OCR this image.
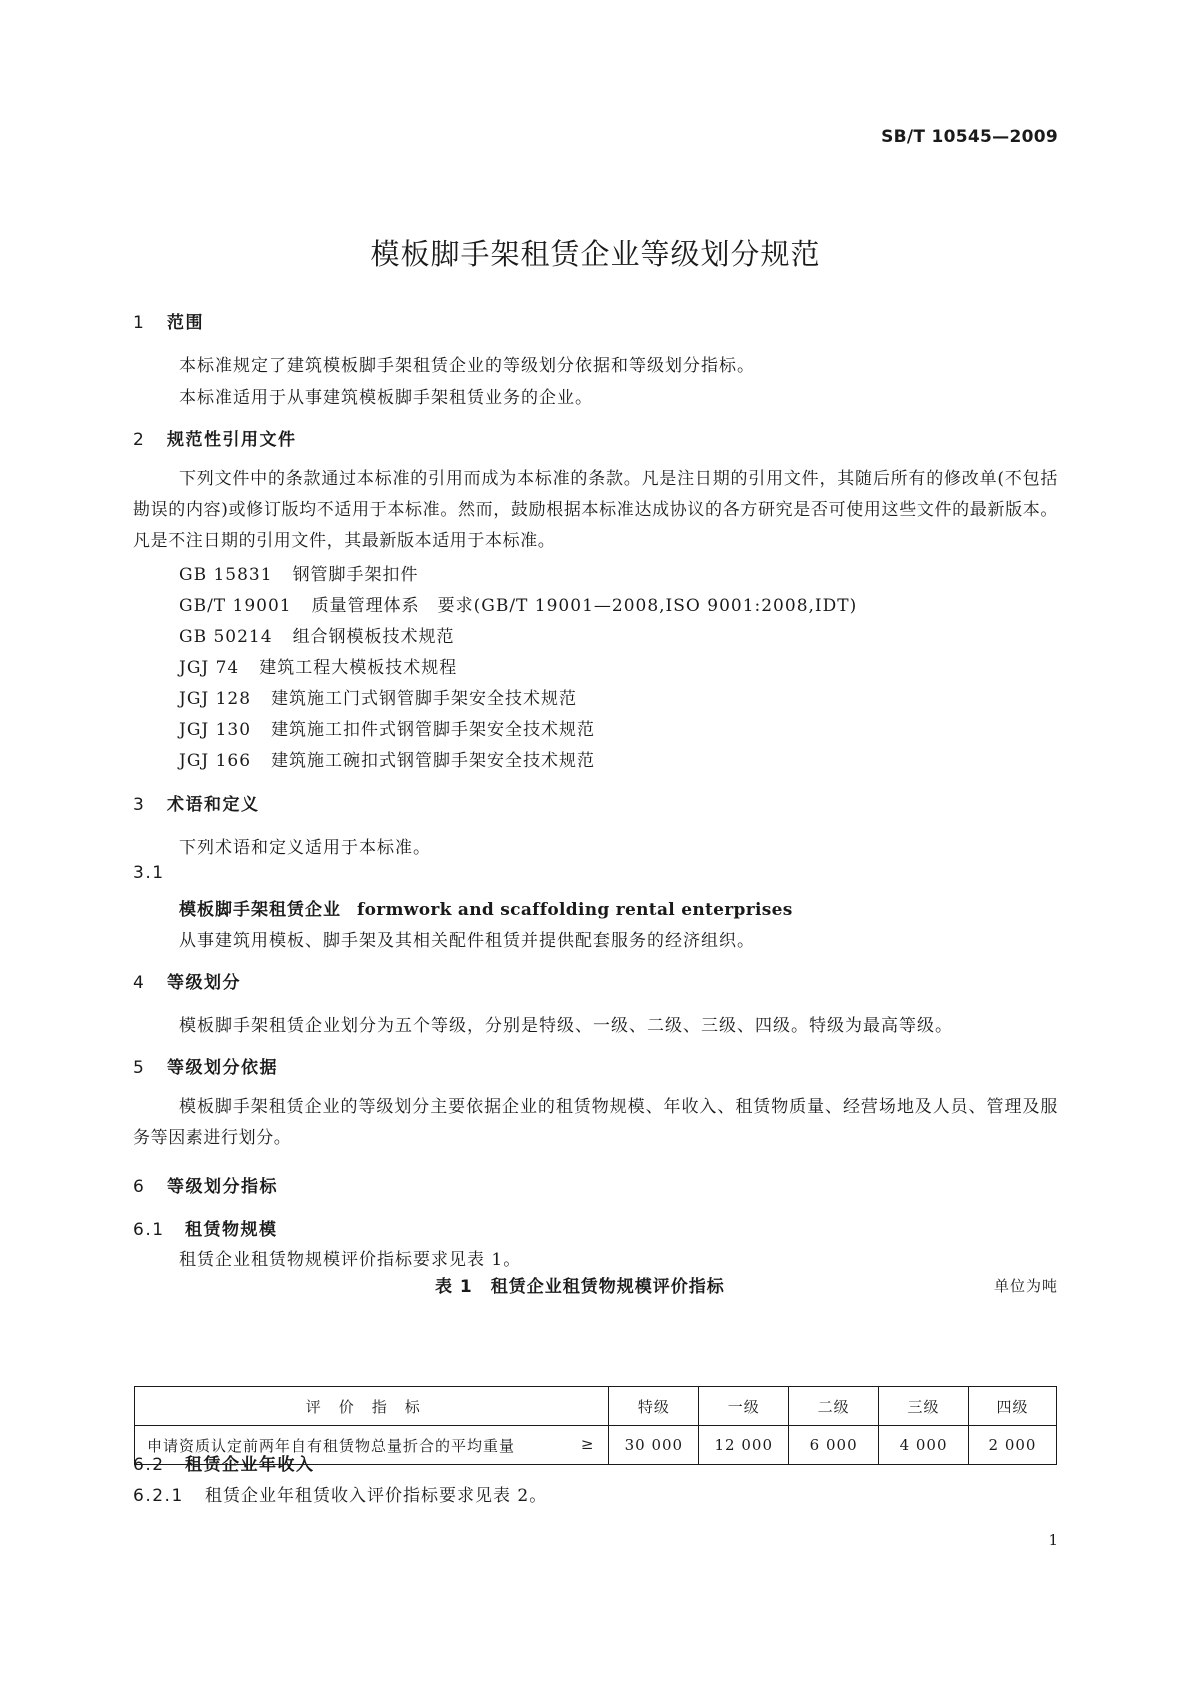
SB/T 10545—2009
模板脚手架租赁企业等级划分规范
1 范围
本标准规定了建筑模板脚手架租赁企业的等级划分依据和等级划分指标。
本标准适用于从事建筑模板脚手架租赁业务的企业。
2 规范性引用文件
下列文件中的条款通过本标准的引用而成为本标准的条款。凡是注日期的引用文件，其随后所有的修改单(不包括勘误的内容)或修订版均不适用于本标准。然而，鼓励根据本标准达成协议的各方研究是否可使用这些文件的最新版本。凡是不注日期的引用文件，其最新版本适用于本标准。
GB 15831 钢管脚手架扣件
GB/T 19001 质量管理体系　要求(GB/T 19001—2008,ISO 9001:2008,IDT)
GB 50214 组合钢模板技术规范
JGJ 74 建筑工程大模板技术规程
JGJ 128 建筑施工门式钢管脚手架安全技术规范
JGJ 130 建筑施工扣件式钢管脚手架安全技术规范
JGJ 166 建筑施工碗扣式钢管脚手架安全技术规范
3 术语和定义
下列术语和定义适用于本标准。
3.1
模板脚手架租赁企业 formwork and scaffolding rental enterprises
从事建筑用模板、脚手架及其相关配件租赁并提供配套服务的经济组织。
4 等级划分
模板脚手架租赁企业划分为五个等级，分别是特级、一级、二级、三级、四级。特级为最高等级。
5 等级划分依据
模板脚手架租赁企业的等级划分主要依据企业的租赁物规模、年收入、租赁物质量、经营场地及人员、管理及服务等因素进行划分。
6 等级划分指标
6.1 租赁物规模
租赁企业租赁物规模评价指标要求见表 1。
表 1　租赁企业租赁物规模评价指标	单位为吨
评价指标	特级	一级	二级	三级	四级
申请资质认定前两年自有租赁物总量折合的平均重量 ≥	30 000	12 000	6 000	4 000	2 000
6.2 租赁企业年收入
6.2.1 租赁企业年租赁收入评价指标要求见表 2。
1
